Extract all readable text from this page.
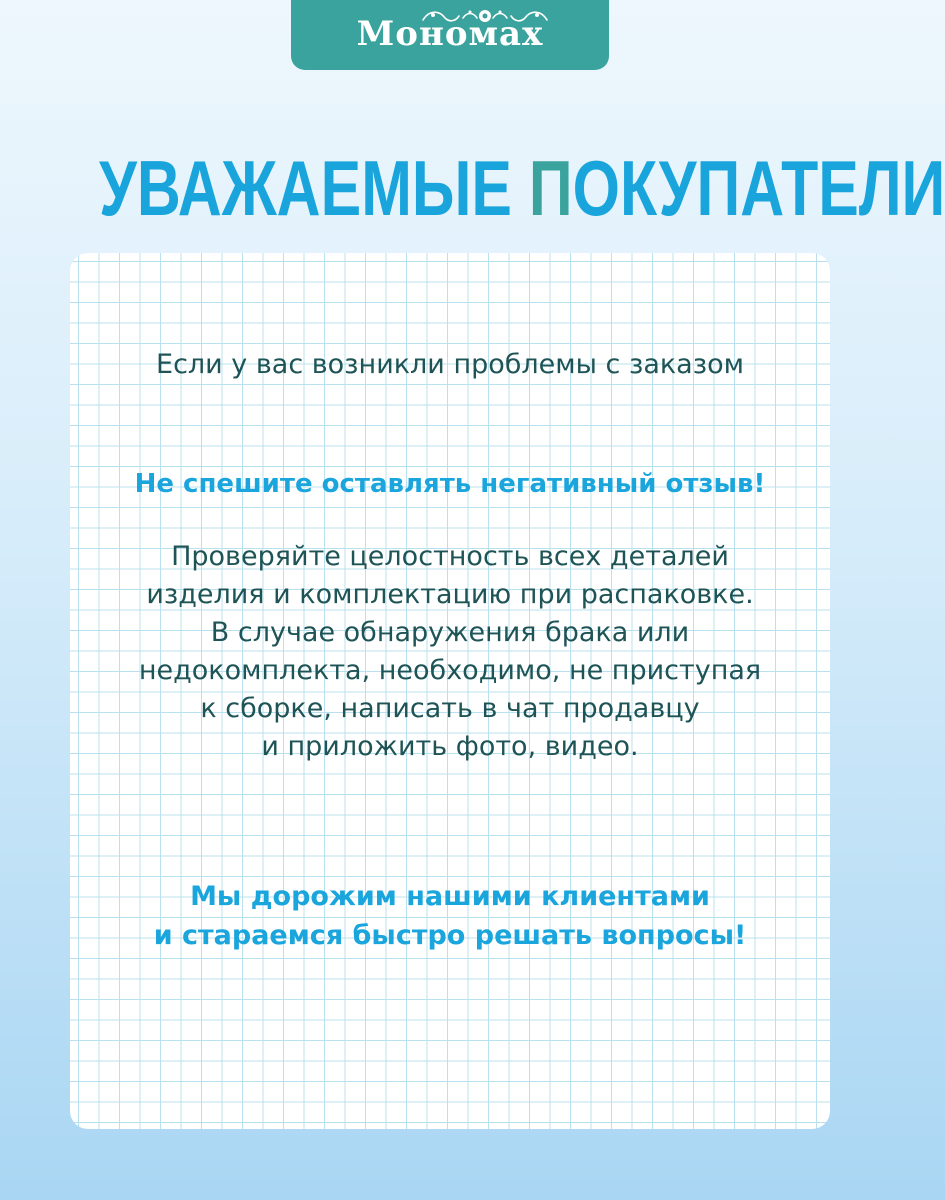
Мономах
УВАЖАЕМЫЕ ПОКУПАТЕЛИ
Если у вас возникли проблемы с заказом
Не спешите оставлять негативный отзыв!
Проверяйте целостность всех деталей
изделия и комплектацию при распаковке.
В случае обнаружения брака или
недокомплекта, необходимо, не приступая
к сборке, написать в чат продавцу
и приложить фото, видео.
Мы дорожим нашими клиентами
и стараемся быстро решать вопросы!
